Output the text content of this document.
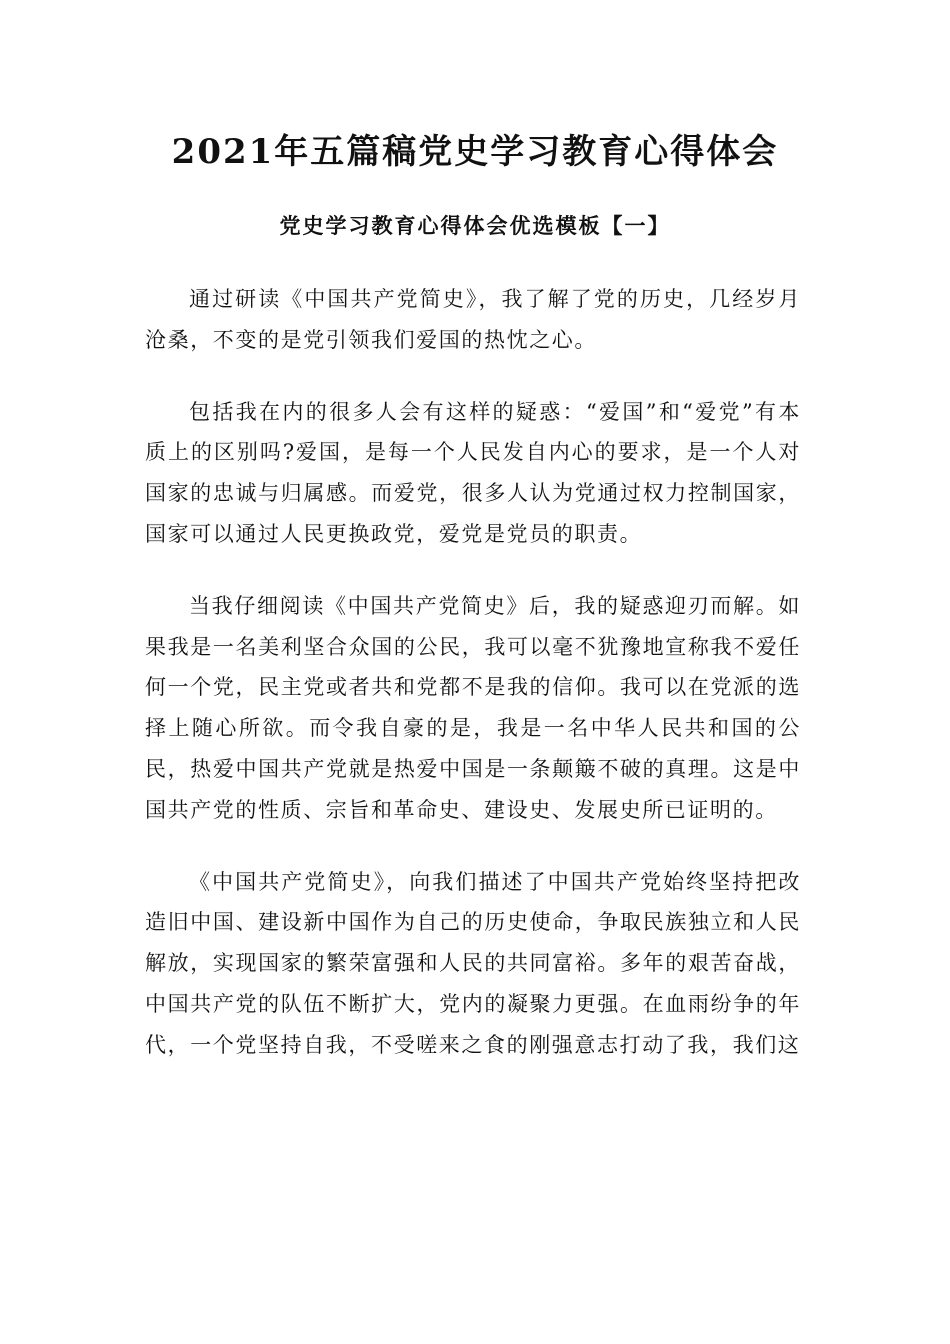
2021年五篇稿党史学习教育心得体会
党史学习教育心得体会优选模板【一】

通过研读《中国共产党简史》，我了解了党的历史，几经岁月沧桑，不变的是党引领我们爱国的热忱之心。

包括我在内的很多人会有这样的疑惑：“爱国”和“爱党”有本质上的区别吗?爱国，是每一个人民发自内心的要求，是一个人对国家的忠诚与归属感。而爱党，很多人认为党通过权力控制国家，国家可以通过人民更换政党，爱党是党员的职责。

当我仔细阅读《中国共产党简史》后，我的疑惑迎刃而解。如果我是一名美利坚合众国的公民，我可以毫不犹豫地宣称我不爱任何一个党，民主党或者共和党都不是我的信仰。我可以在党派的选择上随心所欲。而令我自豪的是，我是一名中华人民共和国的公民，热爱中国共产党就是热爱中国是一条颠簸不破的真理。这是中国共产党的性质、宗旨和革命史、建设史、发展史所已证明的。

《中国共产党简史》，向我们描述了中国共产党始终坚持把改造旧中国、建设新中国作为自己的历史使命，争取民族独立和人民解放，实现国家的繁荣富强和人民的共同富裕。多年的艰苦奋战，中国共产党的队伍不断扩大，党内的凝聚力更强。在血雨纷争的年代，一个党坚持自我，不受嗟来之食的刚强意志打动了我，我们这
